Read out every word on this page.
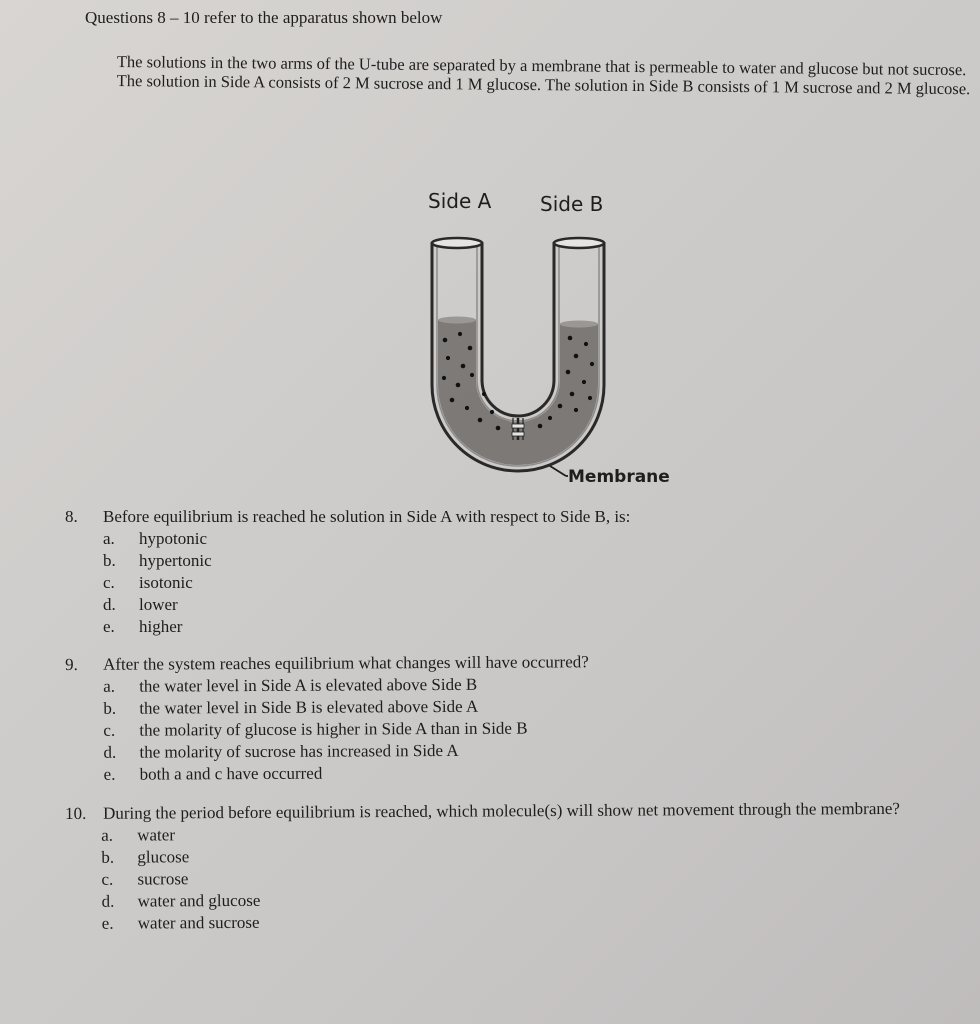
Questions 8 – 10 refer to the apparatus shown below
The solutions in the two arms of the U-tube are separated by a membrane that is permeable to water and glucose but not sucrose. The solution in Side A consists of 2 M sucrose and 1 M glucose. The solution in Side B consists of 1 M sucrose and 2 M glucose.
Side A Side B
Membrane
8.	Before equilibrium is reached he solution in Side A with respect to Side B, is:
a.	hypotonic
b.	hypertonic
c.	isotonic
d.	lower
e.	higher
9.	After the system reaches equilibrium what changes will have occurred?
a.	the water level in Side A is elevated above Side B
b.	the water level in Side B is elevated above Side A
c.	the molarity of glucose is higher in Side A than in Side B
d.	the molarity of sucrose has increased in Side A
e.	both a and c have occurred
10. During the period before equilibrium is reached, which molecule(s) will show net movement through the membrane?
a.	water
b.	glucose
c.	sucrose
d.	water and glucose
e.	water and sucrose
